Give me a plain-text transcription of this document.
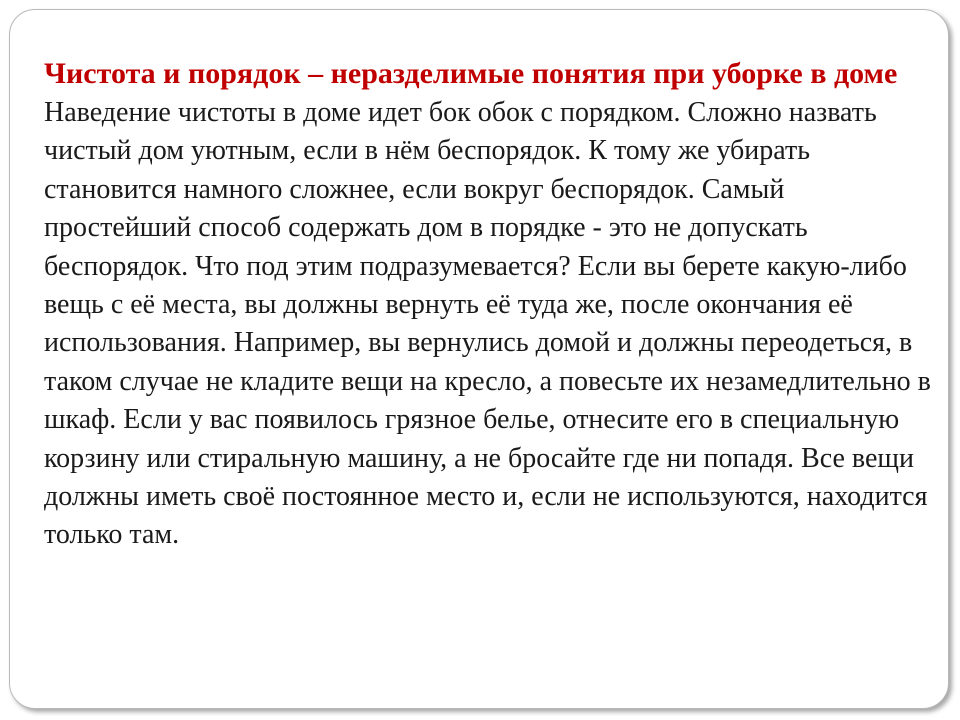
Чистота и порядок – неразделимые понятия при уборке в доме

Наведение чистоты в доме идет бок обок с порядком. Сложно назвать чистый дом уютным, если в нём беспорядок. К тому же убирать становится намного сложнее, если вокруг беспорядок. Самый простейший способ содержать дом в порядке - это не допускать беспорядок. Что под этим подразумевается? Если вы берете какую-либо вещь с её места, вы должны вернуть её туда же, после окончания её использования. Например, вы вернулись домой и должны переодеться, в таком случае не кладите вещи на кресло, а повесьте их незамедлительно в шкаф. Если у вас появилось грязное белье, отнесите его в специальную корзину или стиральную машину, а не бросайте где ни попадя. Все вещи должны иметь своё постоянное место и, если не используются, находится только там.
